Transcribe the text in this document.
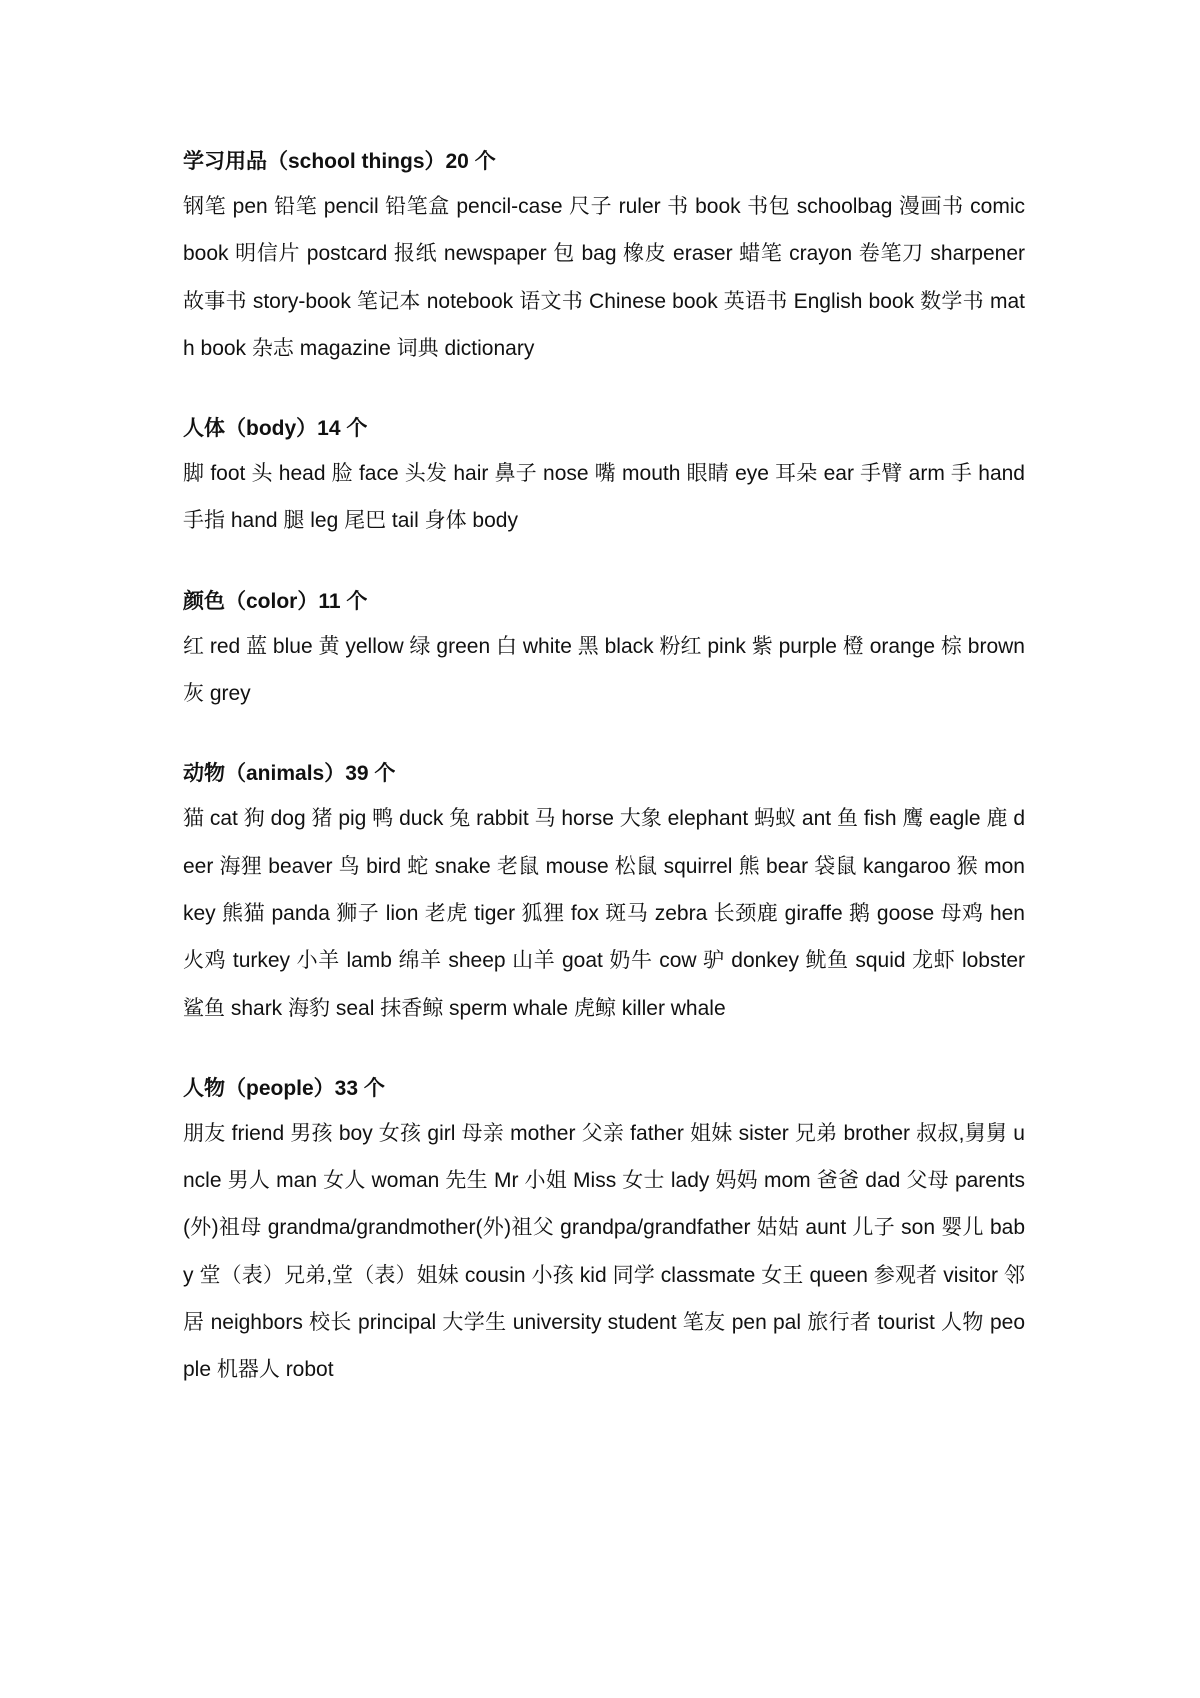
学习用品（school things）20 个

钢笔 pen 铅笔 pencil 铅笔盒 pencil-case 尺子 ruler 书 book 书包 schoolbag 漫画书 comic book 明信片 postcard 报纸 newspaper 包 bag 橡皮 eraser 蜡笔 crayon 卷笔刀 sharpener 故事书 story-book 笔记本 notebook 语文书 Chinese book 英语书 English book 数学书 math book 杂志 magazine 词典 dictionary

人体（body）14 个

脚 foot 头 head 脸 face 头发 hair 鼻子 nose 嘴 mouth 眼睛 eye 耳朵 ear 手臂 arm 手 hand 手指 hand 腿 leg 尾巴 tail 身体 body

颜色（color）11 个

红 red 蓝 blue 黄 yellow 绿 green 白 white 黑 black 粉红 pink 紫 purple 橙 orange 棕 brown 灰 grey

动物（animals）39 个

猫 cat 狗 dog 猪 pig 鸭 duck 兔 rabbit 马 horse 大象 elephant 蚂蚁 ant 鱼 fish 鹰 eagle 鹿 deer 海狸 beaver 鸟 bird 蛇 snake 老鼠 mouse 松鼠 squirrel 熊 bear 袋鼠 kangaroo 猴 monkey 熊猫 panda 狮子 lion 老虎 tiger 狐狸 fox 斑马 zebra 长颈鹿 giraffe 鹅 goose 母鸡 hen 火鸡 turkey 小羊 lamb 绵羊 sheep 山羊 goat 奶牛 cow 驴 donkey 鱿鱼 squid 龙虾 lobster 鲨鱼 shark 海豹 seal 抹香鲸 sperm whale 虎鲸 killer whale

人物（people）33 个

朋友 friend 男孩 boy 女孩 girl 母亲 mother 父亲 father 姐妹 sister 兄弟 brother 叔叔,舅舅 uncle 男人 man 女人 woman 先生 Mr 小姐 Miss 女士 lady 妈妈 mom 爸爸 dad 父母 parents(外)祖母 grandma/grandmother(外)祖父 grandpa/grandfather 姑姑 aunt 儿子 son 婴儿 baby 堂（表）兄弟,堂（表）姐妹 cousin 小孩 kid 同学 classmate 女王 queen 参观者 visitor 邻居 neighbors 校长 principal 大学生 university student 笔友 pen pal 旅行者 tourist 人物 people 机器人 robot
